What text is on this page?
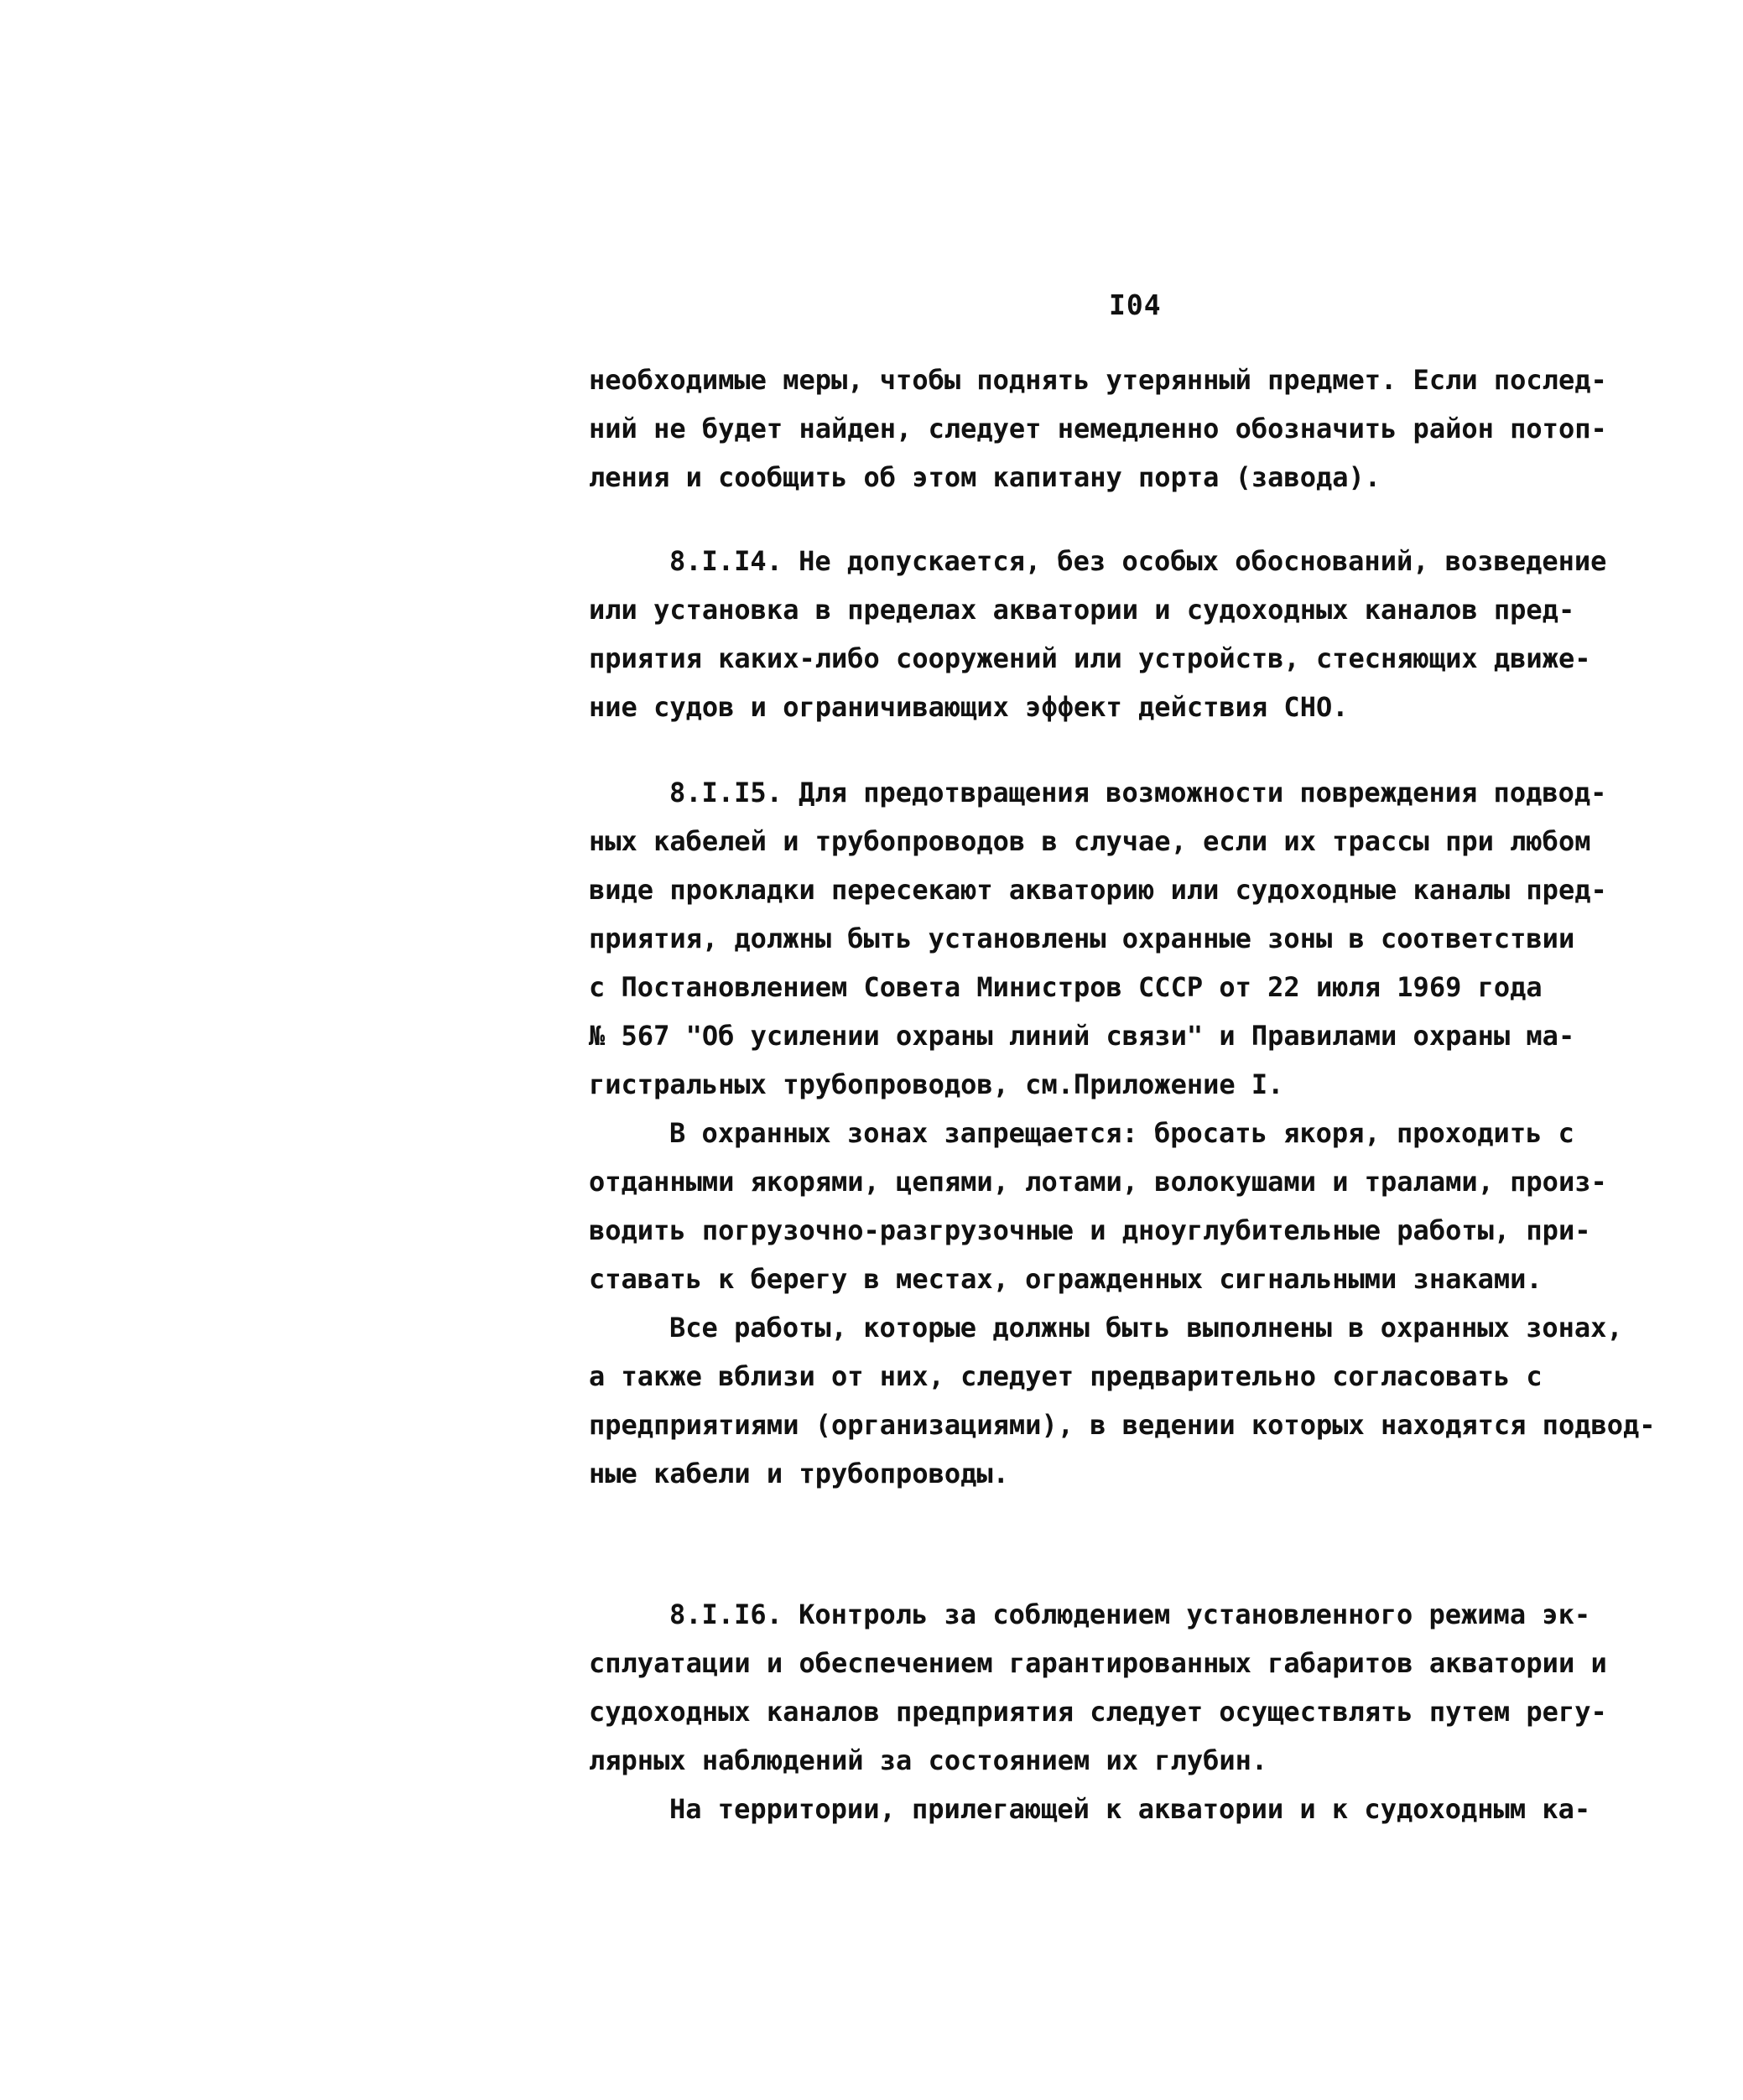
I04
необходимые меры, чтобы поднять утерянный предмет. Если послед-
ний не будет найден, следует немедленно обозначить район потоп-
ления и сообщить об этом капитану порта (завода).
8.I.I4. Не допускается, без особых обоснований, возведение
или установка в пределах акватории и судоходных каналов пред-
приятия каких-либо сооружений или устройств, стесняющих движе-
ние судов и ограничивающих эффект действия СНО.
8.I.I5. Для предотвращения возможности повреждения подвод-
ных кабелей и трубопроводов в случае, если их трассы при любом
виде прокладки пересекают акваторию или судоходные каналы пред-
приятия, должны быть установлены охранные зоны в соответствии
с Постановлением Совета Министров СССР от 22 июля 1969 года
№ 567 "Об усилении охраны линий связи" и Правилами охраны ма-
гистральных трубопроводов, см.Приложение I.
В охранных зонах запрещается: бросать якоря, проходить с
отданными якорями, цепями, лотами, волокушами и тралами, произ-
водить погрузочно-разгрузочные и дноуглубительные работы, при-
ставать к берегу в местах, огражденных сигнальными знаками.
Все работы, которые должны быть выполнены в охранных зонах,
а также вблизи от них, следует предварительно согласовать с
предприятиями (организациями), в ведении которых находятся подвод-
ные кабели и трубопроводы.
8.I.I6. Контроль за соблюдением установленного режима эк-
сплуатации и обеспечением гарантированных габаритов акватории и
судоходных каналов предприятия следует осуществлять путем регу-
лярных наблюдений за состоянием их глубин.
На территории, прилегающей к акватории и к судоходным ка-
